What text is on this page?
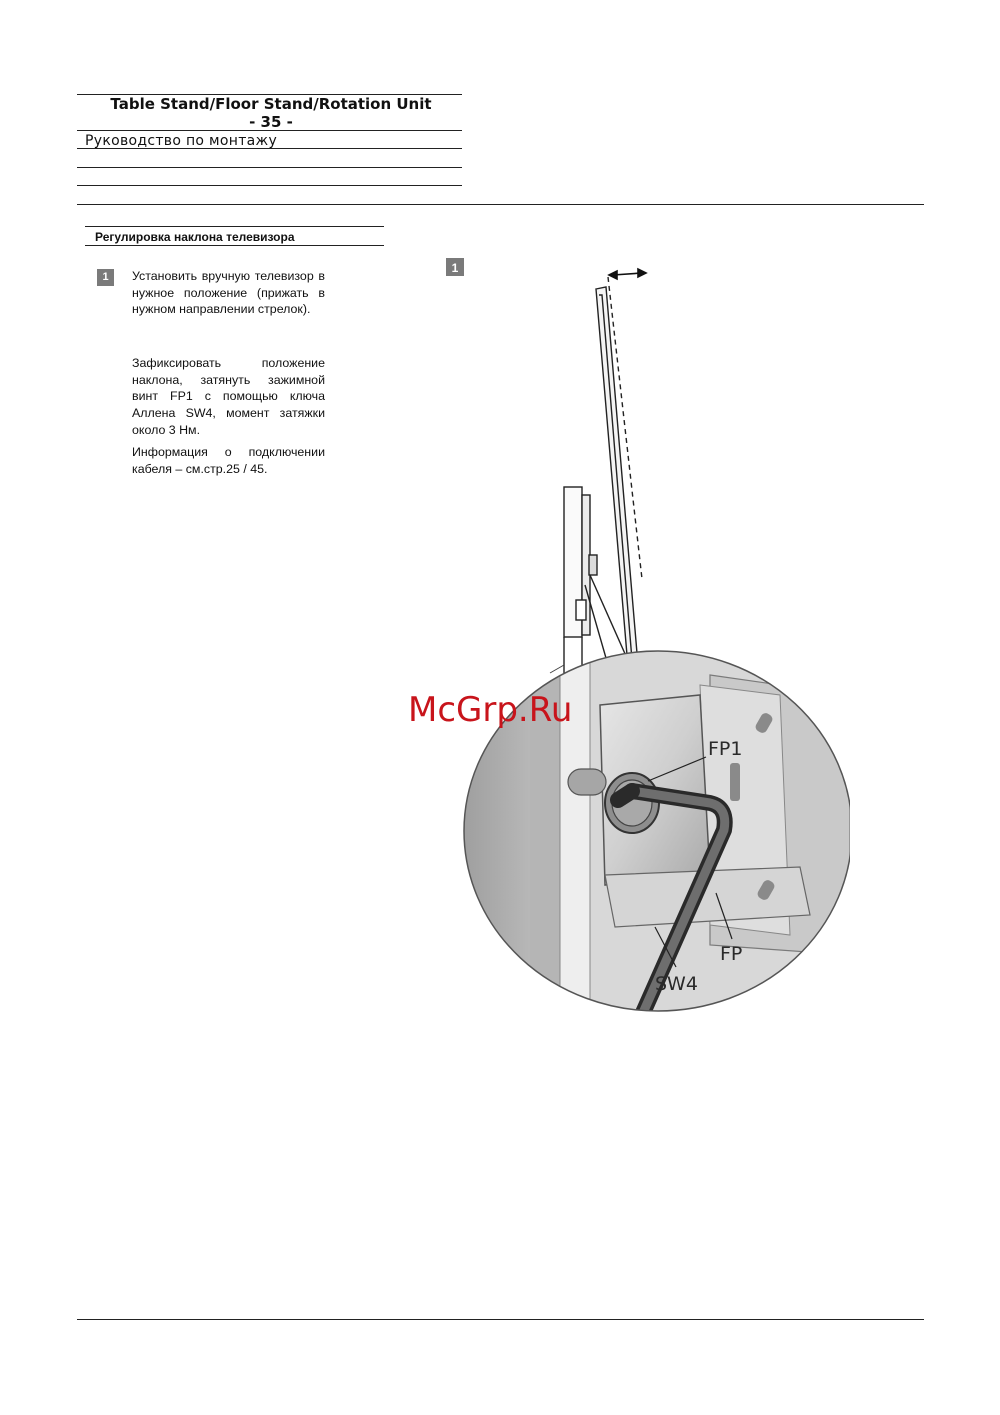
Table Stand/Floor Stand/Rotation Unit
- 35 -
Руководство по монтажу
Регулировка наклона телевизора
1	Установить вручную телевизор в нужное положение (прижать в нужном направлении стрелок).

Зафиксировать положение наклона, затянуть зажимной винт FP1 с помощью ключа Аллена SW4, момент затяжки около 3 Нм.

Информация о подключении кабеля – см.стр.25 / 45.

1
FP1
FP
SW4
McGrp.Ru
